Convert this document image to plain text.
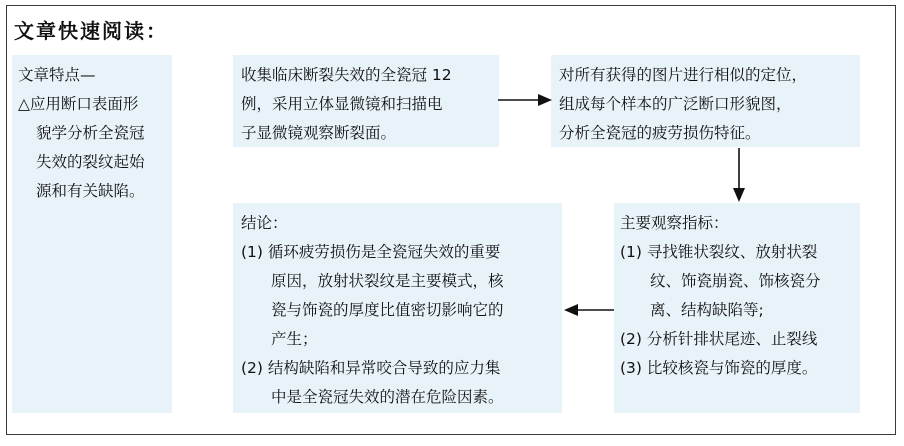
文章快速阅读：
文章特点—
△应用断口表面形
貌学分析全瓷冠
失效的裂纹起始
源和有关缺陷。
收集临床断裂失效的全瓷冠 12
例，采用立体显微镜和扫描电
子显微镜观察断裂面。
对所有获得的图片进行相似的定位，
组成每个样本的广泛断口形貌图，
分析全瓷冠的疲劳损伤特征。
主要观察指标：
(1) 寻找锥状裂纹、放射状裂
纹、饰瓷崩瓷、饰核瓷分
离、结构缺陷等;
(2) 分析针排状尾迹、止裂线
(3) 比较核瓷与饰瓷的厚度。
结论：
(1) 循环疲劳损伤是全瓷冠失效的重要
原因，放射状裂纹是主要模式，核
瓷与饰瓷的厚度比值密切影响它的
产生；
(2) 结构缺陷和异常咬合导致的应力集
中是全瓷冠失效的潜在危险因素。
